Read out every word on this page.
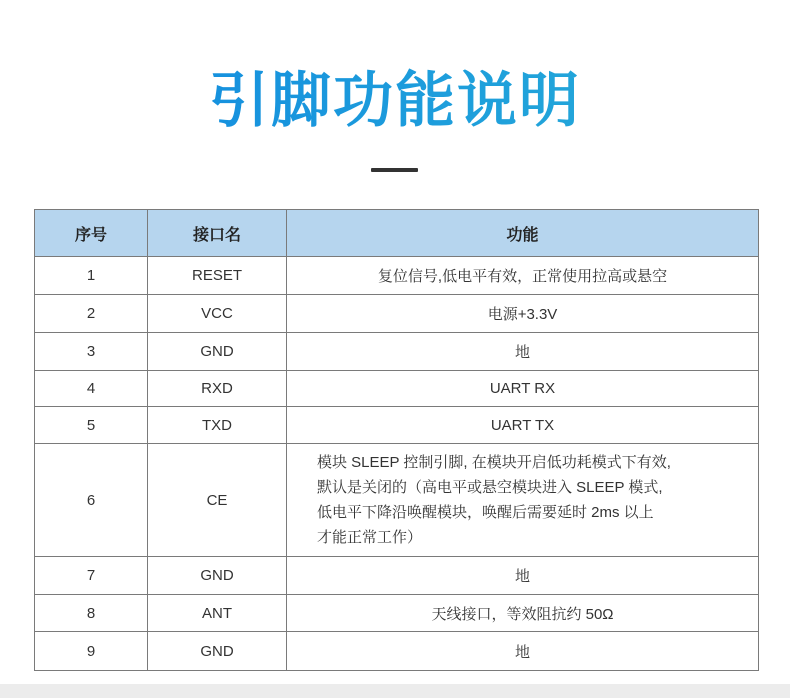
引脚功能说明
序号	接口名	功能
1	RESET	复位信号,低电平有效，正常使用拉高或悬空
2	VCC	电源+3.3V
3	GND	地
4	RXD	UART RX
5	TXD	UART TX
6	CE	模块 SLEEP 控制引脚, 在模块开启低功耗模式下有效,
默认是关闭的（高电平或悬空模块进入 SLEEP 模式,
低电平下降沿唤醒模块，唤醒后需要延时 2ms 以上
才能正常工作）

7	GND	地
8	ANT	天线接口，等效阻抗约 50Ω
9	GND	地
